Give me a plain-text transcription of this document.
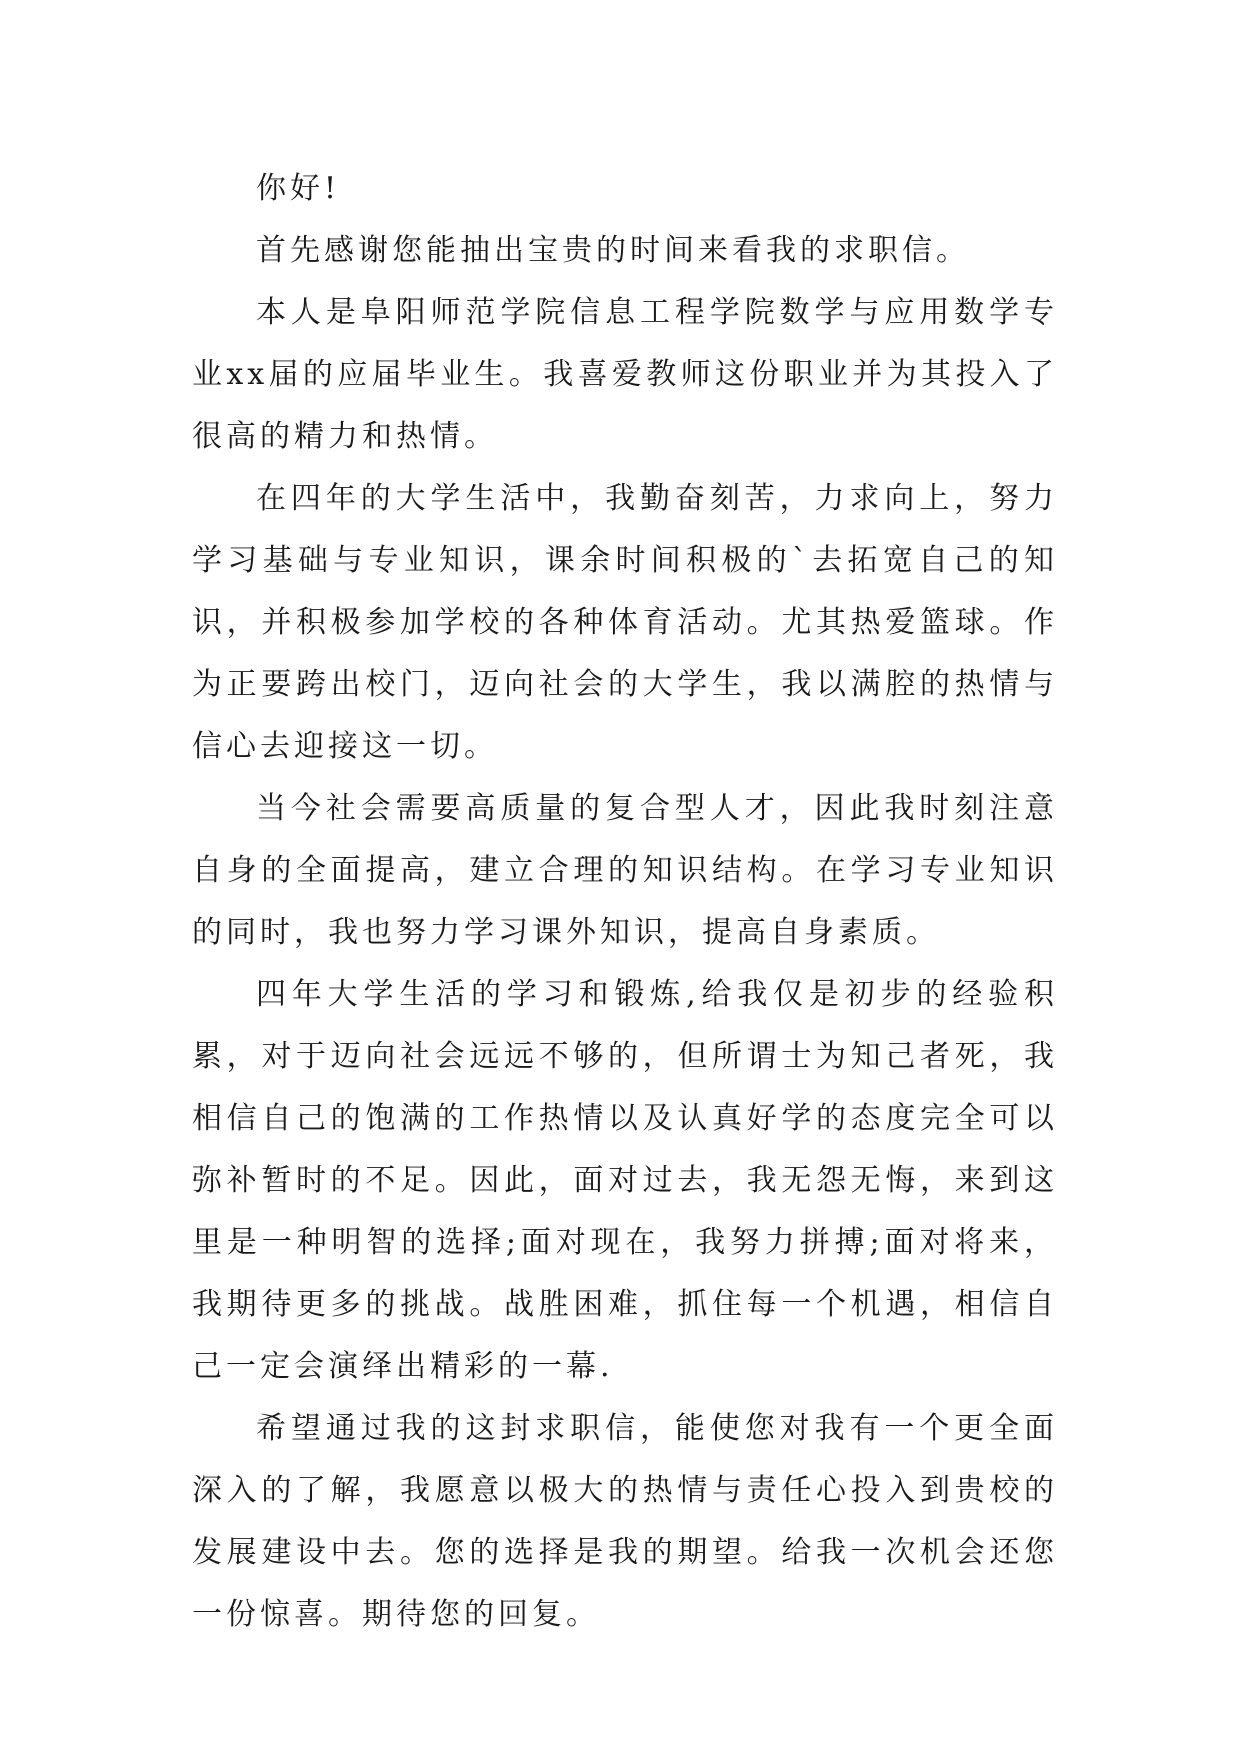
你好!

首先感谢您能抽出宝贵的时间来看我的求职信。

本人是阜阳师范学院信息工程学院数学与应用数学专业xx届的应届毕业生。我喜爱教师这份职业并为其投入了很高的精力和热情。

在四年的大学生活中，我勤奋刻苦，力求向上，努力学习基础与专业知识，课余时间积极的`去拓宽自己的知识，并积极参加学校的各种体育活动。尤其热爱篮球。作为正要跨出校门，迈向社会的大学生，我以满腔的热情与信心去迎接这一切。

当今社会需要高质量的复合型人才，因此我时刻注意自身的全面提高，建立合理的知识结构。在学习专业知识的同时，我也努力学习课外知识，提高自身素质。

四年大学生活的学习和锻炼,给我仅是初步的经验积累，对于迈向社会远远不够的，但所谓士为知己者死，我相信自己的饱满的工作热情以及认真好学的态度完全可以弥补暂时的不足。因此，面对过去，我无怨无悔，来到这里是一种明智的选择;面对现在，我努力拼搏;面对将来，我期待更多的挑战。战胜困难，抓住每一个机遇，相信自己一定会演绎出精彩的一幕.

希望通过我的这封求职信，能使您对我有一个更全面深入的了解，我愿意以极大的热情与责任心投入到贵校的发展建设中去。您的选择是我的期望。给我一次机会还您一份惊喜。期待您的回复。
